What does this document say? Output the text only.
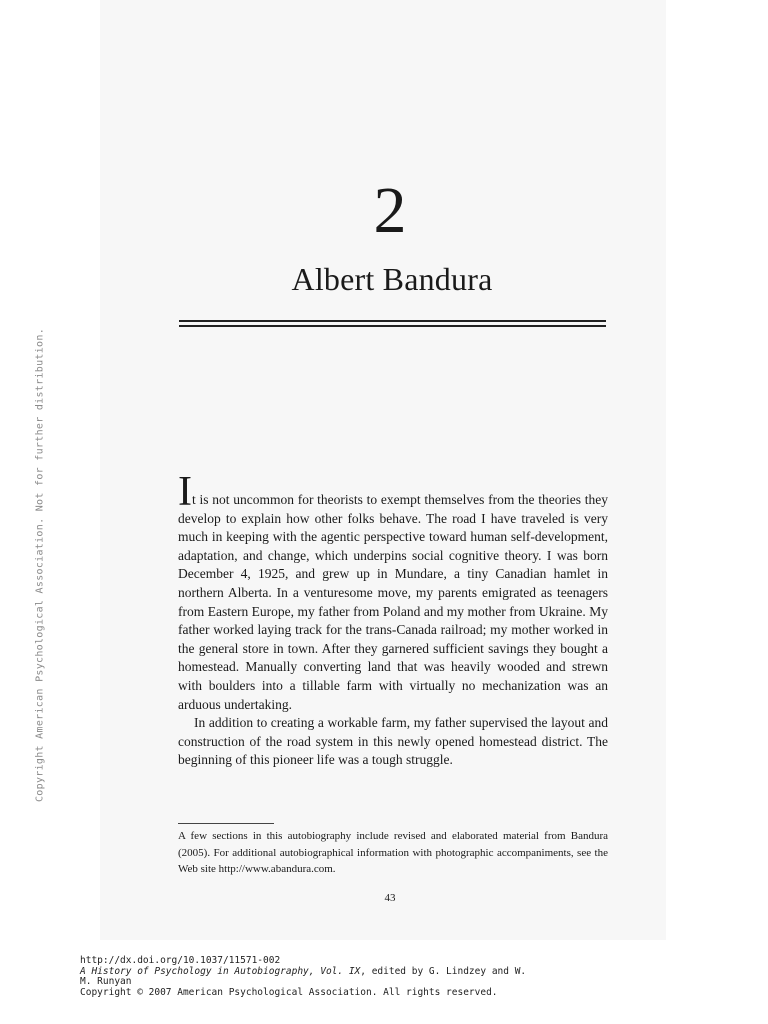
Copyright American Psychological Association. Not for further distribution.
2
Albert Bandura

It is not uncommon for theorists to exempt themselves from the theories they develop to explain how other folks behave. The road I have traveled is very much in keeping with the agentic perspective toward human self-development, adaptation, and change, which underpins social cognitive theory. I was born December 4, 1925, and grew up in Mundare, a tiny Canadian hamlet in northern Alberta. In a venturesome move, my parents emigrated as teenagers from Eastern Europe, my father from Poland and my mother from Ukraine. My father worked laying track for the trans-Canada railroad; my mother worked in the general store in town. After they garnered sufficient savings they bought a homestead. Manually converting land that was heavily wooded and strewn with boulders into a tillable farm with virtually no mechanization was an arduous undertaking.

In addition to creating a workable farm, my father supervised the layout and construction of the road system in this newly opened homestead district. The beginning of this pioneer life was a tough struggle.

A few sections in this autobiography include revised and elaborated material from Bandura (2005). For additional autobiographical information with photographic accompaniments, see the Web site http://www.abandura.com.
43
http://dx.doi.org/10.1037/11571-002
A History of Psychology in Autobiography, Vol. IX, edited by G. Lindzey and W.
M. Runyan
Copyright © 2007 American Psychological Association. All rights reserved.
